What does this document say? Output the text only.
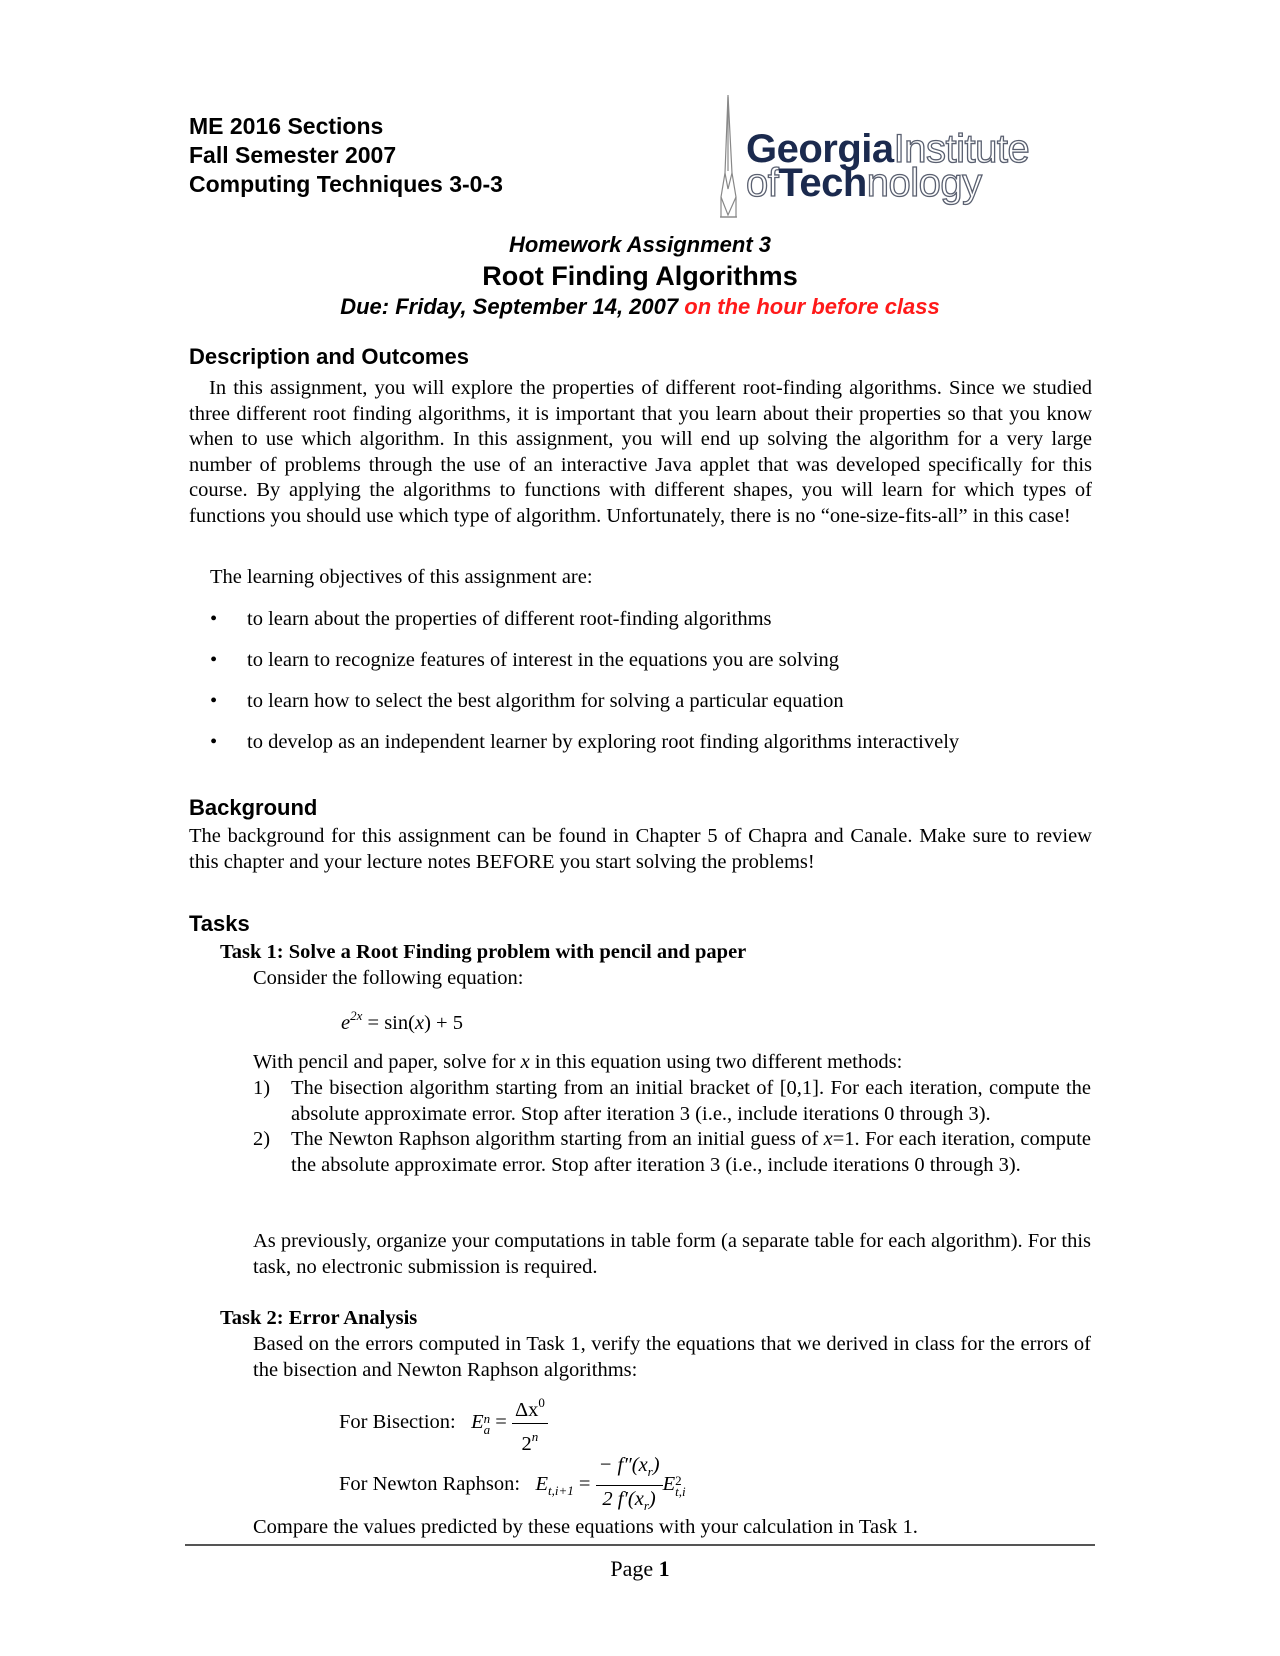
ME 2016 Sections
Fall Semester 2007
Computing Techniques 3-0-3
GeorgiaInstitute
ofTechnology
Homework Assignment 3
Root Finding Algorithms
Due: Friday, September 14, 2007 on the hour before class
Description and Outcomes
In this assignment, you will explore the properties of different root-finding algorithms. Since we studied three different root finding algorithms, it is important that you learn about their properties so that you know when to use which algorithm. In this assignment, you will end up solving the algorithm for a very large number of problems through the use of an interactive Java applet that was developed specifically for this course. By applying the algorithms to functions with different shapes, you will learn for which types of functions you should use which type of algorithm. Unfortunately, there is no “one-size-fits-all” in this case!
The learning objectives of this assignment are:
• to learn about the properties of different root-finding algorithms
• to learn to recognize features of interest in the equations you are solving
• to learn how to select the best algorithm for solving a particular equation
• to develop as an independent learner by exploring root finding algorithms interactively
Background
The background for this assignment can be found in Chapter 5 of Chapra and Canale. Make sure to review this chapter and your lecture notes BEFORE you start solving the problems!
Tasks
Task 1: Solve a Root Finding problem with pencil and paper
Consider the following equation:
$e^{2x} = \sin(x) + 5$
With pencil and paper, solve for x in this equation using two different methods:
1) The bisection algorithm starting from an initial bracket of [0,1]. For each iteration, compute the absolute approximate error. Stop after iteration 3 (i.e., include iterations 0 through 3).
2) The Newton Raphson algorithm starting from an initial guess of x=1. For each iteration, compute the absolute approximate error. Stop after iteration 3 (i.e., include iterations 0 through 3).
As previously, organize your computations in table form (a separate table for each algorithm). For this task, no electronic submission is required.
Task 2: Error Analysis
Based on the errors computed in Task 1, verify the equations that we derived in class for the errors of the bisection and Newton Raphson algorithms:
For Bisection: E n
$a = \frac{\Delta x^0}{2^n}$
For Newton Raphson: $E_{t,i+1} = \frac{- f''(x_r)}{2 f'(x_r)}$ E 2
t,i
Compare the values predicted by these equations with your calculation in Task 1.
Page 1
